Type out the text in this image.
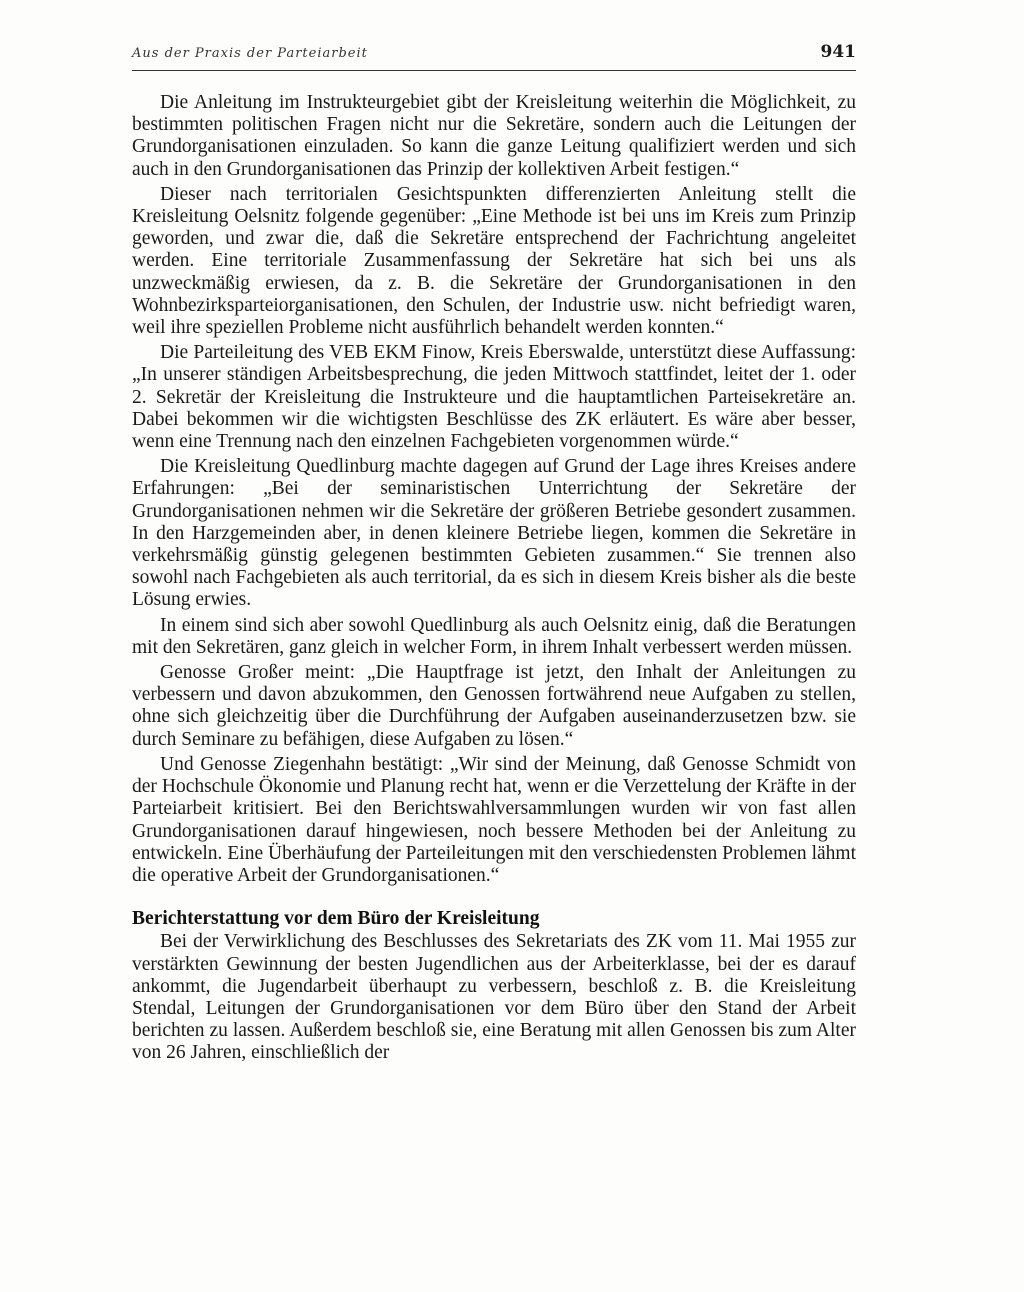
Aus der Praxis der Parteiarbeit	941

Die Anleitung im Instrukteurgebiet gibt der Kreisleitung weiterhin die Möglichkeit, zu bestimmten politischen Fragen nicht nur die Sekretäre, sondern auch die Leitungen der Grundorganisationen einzuladen. So kann die ganze Leitung qualifiziert werden und sich auch in den Grundorganisationen das Prinzip der kollektiven Arbeit festigen.“

Dieser nach territorialen Gesichtspunkten differenzierten Anleitung stellt die Kreisleitung Oelsnitz folgende gegenüber: „Eine Methode ist bei uns im Kreis zum Prinzip geworden, und zwar die, daß die Sekretäre entsprechend der Fachrichtung angeleitet werden. Eine territoriale Zusammenfassung der Sekretäre hat sich bei uns als unzweckmäßig erwiesen, da z. B. die Sekretäre der Grundorganisationen in den Wohnbezirksparteiorganisationen, den Schulen, der Industrie usw. nicht befriedigt waren, weil ihre speziellen Probleme nicht ausführlich behandelt werden konnten.“

Die Parteileitung des VEB EKM Finow, Kreis Eberswalde, unterstützt diese Auffassung: „In unserer ständigen Arbeitsbesprechung, die jeden Mittwoch stattfindet, leitet der 1. oder 2. Sekretär der Kreisleitung die Instrukteure und die hauptamtlichen Parteisekretäre an. Dabei bekommen wir die wichtigsten Beschlüsse des ZK erläutert. Es wäre aber besser, wenn eine Trennung nach den einzelnen Fachgebieten vorgenommen würde.“

Die Kreisleitung Quedlinburg machte dagegen auf Grund der Lage ihres Kreises andere Erfahrungen: „Bei der seminaristischen Unterrichtung der Sekretäre der Grundorganisationen nehmen wir die Sekretäre der größeren Betriebe gesondert zusammen. In den Harzgemeinden aber, in denen kleinere Betriebe liegen, kommen die Sekretäre in verkehrsmäßig günstig gelegenen bestimmten Gebieten zusammen.“ Sie trennen also sowohl nach Fachgebieten als auch territorial, da es sich in diesem Kreis bisher als die beste Lösung erwies.

In einem sind sich aber sowohl Quedlinburg als auch Oelsnitz einig, daß die Beratungen mit den Sekretären, ganz gleich in welcher Form, in ihrem Inhalt verbessert werden müssen.

Genosse Großer meint: „Die Hauptfrage ist jetzt, den Inhalt der Anleitungen zu verbessern und davon abzukommen, den Genossen fortwährend neue Aufgaben zu stellen, ohne sich gleichzeitig über die Durchführung der Aufgaben auseinanderzusetzen bzw. sie durch Seminare zu befähigen, diese Aufgaben zu lösen.“

Und Genosse Ziegenhahn bestätigt: „Wir sind der Meinung, daß Genosse Schmidt von der Hochschule Ökonomie und Planung recht hat, wenn er die Verzettelung der Kräfte in der Parteiarbeit kritisiert. Bei den Berichtswahlversammlungen wurden wir von fast allen Grundorganisationen darauf hingewiesen, noch bessere Methoden bei der Anleitung zu entwickeln. Eine Überhäufung der Parteileitungen mit den verschiedensten Problemen lähmt die operative Arbeit der Grundorganisationen.“

Berichterstattung vor dem Büro der Kreisleitung

Bei der Verwirklichung des Beschlusses des Sekretariats des ZK vom 11. Mai 1955 zur verstärkten Gewinnung der besten Jugendlichen aus der Arbeiterklasse, bei der es darauf ankommt, die Jugendarbeit überhaupt zu verbessern, beschloß z. B. die Kreisleitung Stendal, Leitungen der Grundorganisationen vor dem Büro über den Stand der Arbeit berichten zu lassen. Außerdem beschloß sie, eine Beratung mit allen Genossen bis zum Alter von 26 Jahren, einschließlich der
